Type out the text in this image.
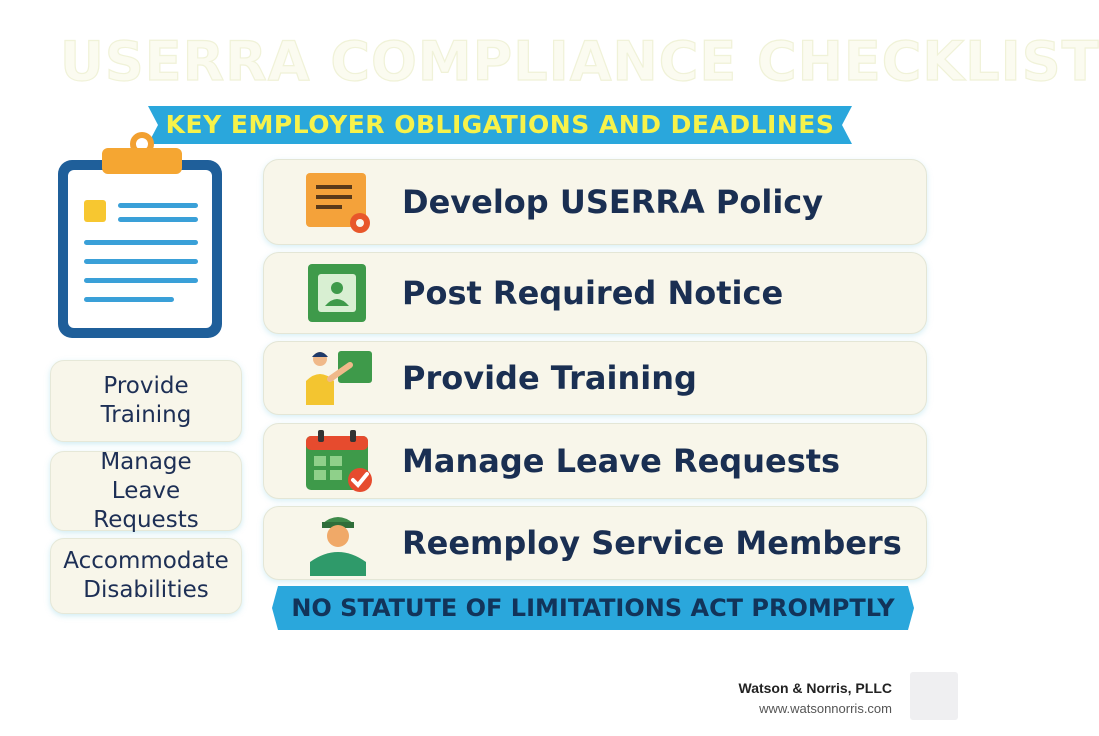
USERRA COMPLIANCE CHECKLIST
KEY EMPLOYER OBLIGATIONS AND DEADLINES
Provide
Training
Manage
Leave Requests
Accommodate
Disabilities
Develop USERRA Policy
Post Required Notice
Provide Training
Manage Leave Requests
Reemploy Service Members
NO STATUTE OF LIMITATIONS ACT PROMPTLY
Watson & Norris, PLLC
www.watsonnorris.com
